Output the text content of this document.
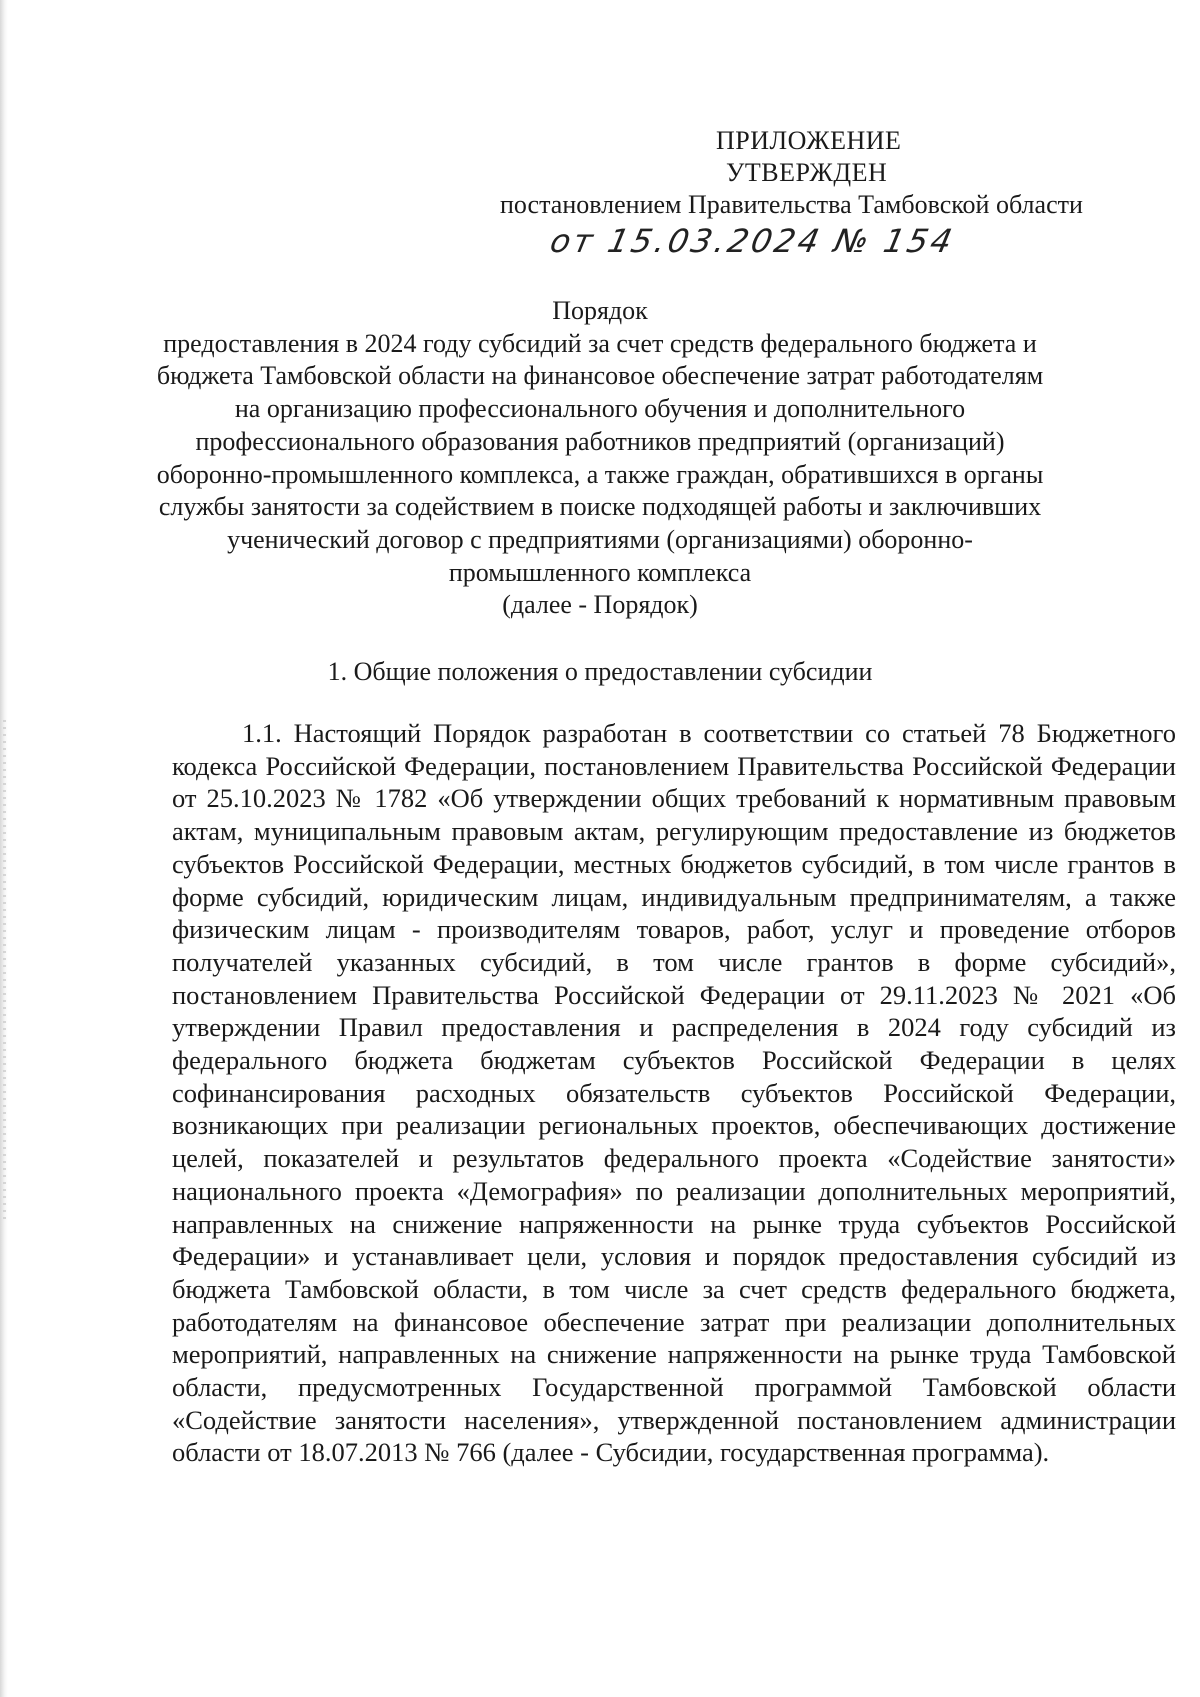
ПРИЛОЖЕНИЕ
УТВЕРЖДЕН
постановлением Правительства Тамбовской области
от 15.03.2024 № 154

Порядок

предоставления в 2024 году субсидий за счет средств федерального бюджета и

бюджета Тамбовской области на финансовое обеспечение затрат работодателям

на организацию профессионального обучения и дополнительного

профессионального образования работников предприятий (организаций)

оборонно-промышленного комплекса, а также граждан, обратившихся в органы

службы занятости за содействием в поиске подходящей работы и заключивших

ученический договор с предприятиями (организациями) оборонно-

промышленного комплекса

(далее - Порядок)

1. Общие положения о предоставлении субсидии

1.1. Настоящий Порядок разработан в соответствии со статьей 78 Бюджетного кодекса Российской Федерации, постановлением Правительства Российской Федерации от 25.10.2023 № 1782 «Об утверждении общих требований к нормативным правовым актам, муниципальным правовым актам, регулирующим предоставление из бюджетов субъектов Российской Федерации, местных бюджетов субсидий, в том числе грантов в форме субсидий, юридическим лицам, индивидуальным предпринимателям, а также физическим лицам - производителям товаров, работ, услуг и проведение отборов получателей указанных субсидий, в том числе грантов в форме субсидий», постановлением Правительства Российской Федерации от 29.11.2023 № 2021 «Об утверждении Правил предоставления и распределения в 2024 году субсидий из федерального бюджета бюджетам субъектов Российской Федерации в целях софинансирования расходных обязательств субъектов Российской Федерации, возникающих при реализации региональных проектов, обеспечивающих достижение целей, показателей и результатов федерального проекта «Содействие занятости» национального проекта «Демография» по реализации дополнительных мероприятий, направленных на снижение напряженности на рынке труда субъектов Российской Федерации» и устанавливает цели, условия и порядок предоставления субсидий из бюджета Тамбовской области, в том числе за счет средств федерального бюджета, работодателям на финансовое обеспечение затрат при реализации дополнительных мероприятий, направленных на снижение напряженности на рынке труда Тамбовской области, предусмотренных Государственной программой Тамбовской области «Содействие занятости населения», утвержденной постановлением администрации области от 18.07.2013 № 766 (далее - Субсидии, государственная программа).
